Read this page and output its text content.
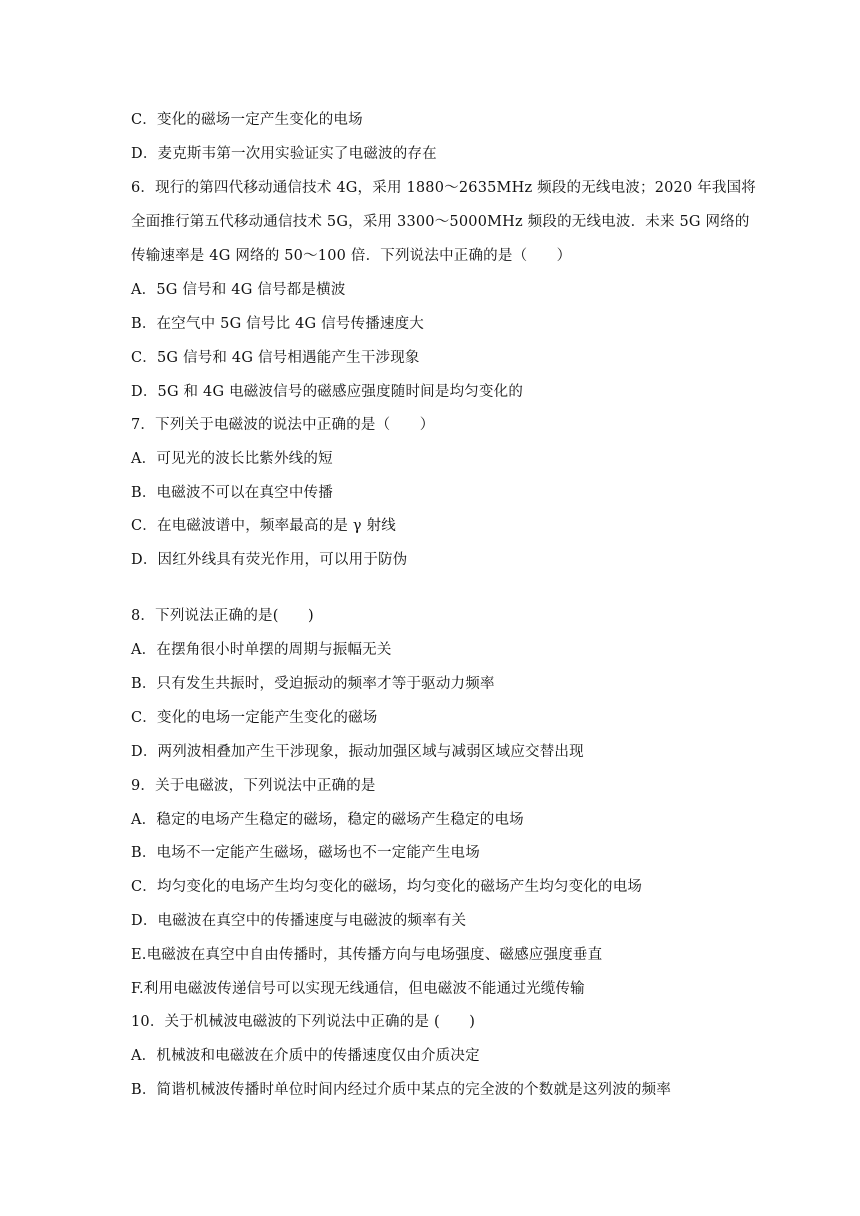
C．变化的磁场一定产生变化的电场
D．麦克斯韦第一次用实验证实了电磁波的存在
6．现行的第四代移动通信技术 4G，采用 1880～2635MHz 频段的无线电波；2020 年我国将
全面推行第五代移动通信技术 5G，采用 3300～5000MHz 频段的无线电波．未来 5G 网络的
传输速率是 4G 网络的 50～100 倍．下列说法中正确的是（　　）
A．5G 信号和 4G 信号都是横波
B．在空气中 5G 信号比 4G 信号传播速度大
C．5G 信号和 4G 信号相遇能产生干涉现象
D．5G 和 4G 电磁波信号的磁感应强度随时间是均匀变化的
7．下列关于电磁波的说法中正确的是（　　）
A．可见光的波长比紫外线的短
B．电磁波不可以在真空中传播
C．在电磁波谱中，频率最高的是 γ 射线
D．因红外线具有荧光作用，可以用于防伪
8．下列说法正确的是(　　)
A．在摆角很小时单摆的周期与振幅无关
B．只有发生共振时，受迫振动的频率才等于驱动力频率
C．变化的电场一定能产生变化的磁场
D．两列波相叠加产生干涉现象，振动加强区域与减弱区域应交替出现
9．关于电磁波，下列说法中正确的是
A．稳定的电场产生稳定的磁场，稳定的磁场产生稳定的电场
B．电场不一定能产生磁场，磁场也不一定能产生电场
C．均匀变化的电场产生均匀变化的磁场，均匀变化的磁场产生均匀变化的电场
D．电磁波在真空中的传播速度与电磁波的频率有关
E.电磁波在真空中自由传播时，其传播方向与电场强度、磁感应强度垂直
F.利用电磁波传递信号可以实现无线通信，但电磁波不能通过光缆传输
10．关于机械波电磁波的下列说法中正确的是 (　　)
A．机械波和电磁波在介质中的传播速度仅由介质决定
B．简谐机械波传播时单位时间内经过介质中某点的完全波的个数就是这列波的频率
